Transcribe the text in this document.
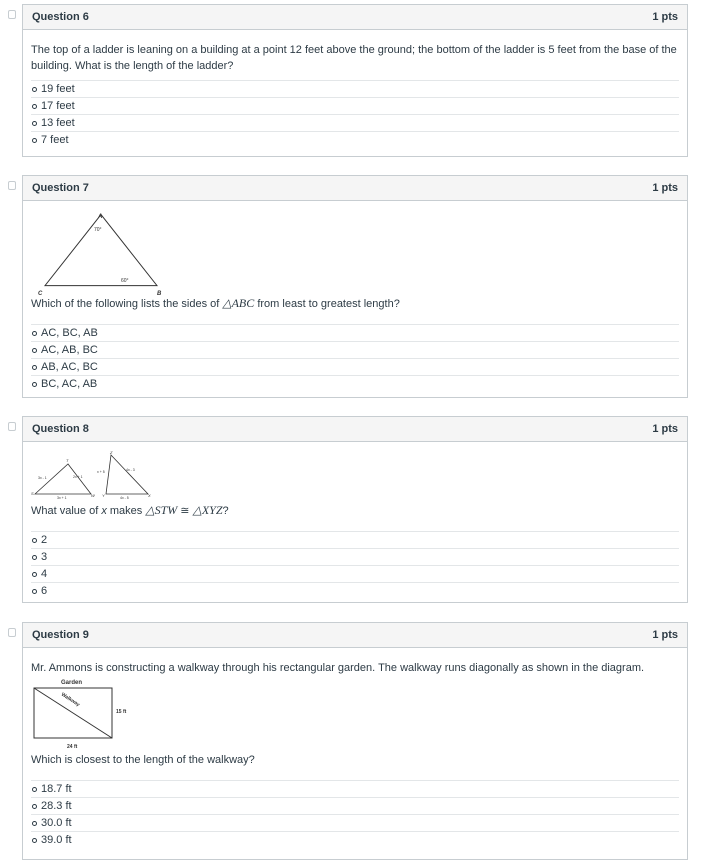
Question 6	1 pts

The top of a ladder is leaning on a building at a point 12 feet above the ground; the bottom of the ladder is 5 feet from the base of the building. What is the length of the ladder?

19 feet
17 feet
13 feet
7 feet
Question 7	1 pts
A
B
C
70°
60°

Which of the following lists the sides of △ABC from least to greatest length?

AC, BC, AB
AC, AB, BC
AB, AC, BC
BC, AC, AB
Question 8	1 pts
S
T
W
3x - 1	2x + 1
3x + 1
Z
Y	X
x + 5	4x - 3
4x - 5

What value of x makes △STW ≅ △XYZ?

2
3
4
6
Question 9	1 pts

Mr. Ammons is constructing a walkway through his rectangular garden. The walkway runs diagonally as shown in the diagram.

Garden
Walkway
15 ft
24 ft

Which is closest to the length of the walkway?

18.7 ft
28.3 ft
30.0 ft
39.0 ft
